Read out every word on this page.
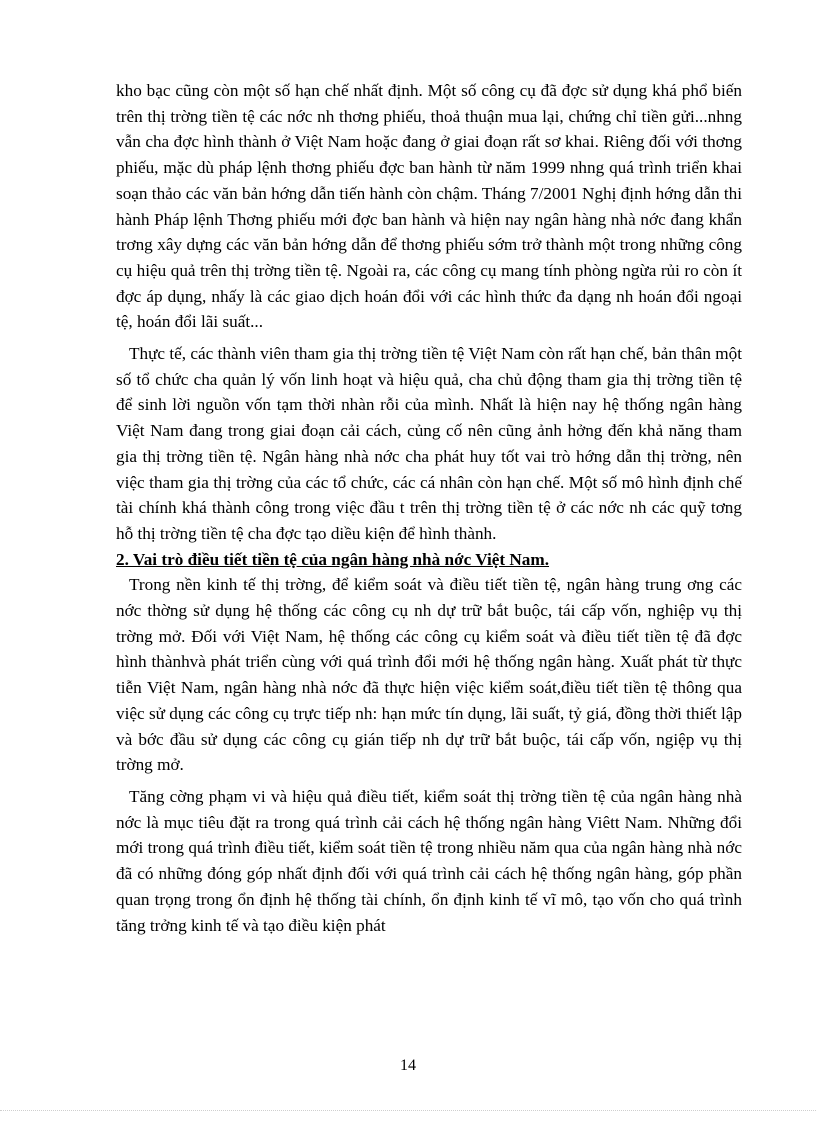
kho bạc cũng còn một số hạn chế nhất định. Một số công cụ đã đợc sử dụng khá phổ biến trên thị trờng tiền tệ các nớc nh thơng phiếu, thoả thuận mua lại, chứng chỉ tiền gửi...nhng vẫn cha đợc hình thành ở Việt Nam hoặc đang ở giai đoạn rất sơ khai. Riêng đối với thơng phiếu, mặc dù pháp lệnh thơng phiếu đợc ban hành từ năm 1999 nhng quá trình triển khai soạn thảo các văn bản hớng dẫn tiến hành còn chậm. Tháng 7/2001 Nghị định hớng dẫn thi hành Pháp lệnh Thơng phiếu mới đợc ban hành và hiện nay ngân hàng nhà nớc đang khẩn trơng xây dựng các văn bản hớng dẫn để thơng phiếu sớm trở thành một trong những công cụ hiệu quả trên thị trờng tiền tệ. Ngoài ra, các công cụ mang tính phòng ngừa rủi ro còn ít đợc áp dụng, nhấy là các giao dịch hoán đổi với các hình thức đa dạng nh hoán đổi ngoại tệ, hoán đổi lãi suất...

Thực tế, các thành viên tham gia thị trờng tiền tệ Việt Nam còn rất hạn chế, bản thân một số tổ chức cha quản lý vốn linh hoạt và hiệu quả, cha chủ động tham gia thị trờng tiền tệ để sinh lời nguồn vốn tạm thời nhàn rỗi của mình. Nhất là hiện nay hệ thống ngân hàng Việt Nam đang trong giai đoạn cải cách, củng cố nên cũng ảnh hởng đến khả năng tham gia thị trờng tiền tệ. Ngân hàng nhà nớc cha phát huy tốt vai trò hớng dẫn thị trờng, nên việc tham gia thị trờng của các tổ chức, các cá nhân còn hạn chế. Một số mô hình định chế tài chính khá thành công trong việc đầu t trên thị trờng tiền tệ ở các nớc nh các quỹ tơng hỗ thị trờng tiền tệ cha đợc tạo diều kiện để hình thành.

2. Vai trò điều tiết tiền tệ của ngân hàng nhà nớc Việt Nam.

Trong nền kinh tế thị trờng, để kiểm soát và điều tiết tiền tệ, ngân hàng trung ơng các nớc thờng sử dụng hệ thống các công cụ nh dự trữ bắt buộc, tái cấp vốn, nghiệp vụ thị trờng mở. Đối với Việt Nam, hệ thống các công cụ kiểm soát và điều tiết tiền tệ đã đợc hình thànhvà phát triển cùng với quá trình đổi mới hệ thống ngân hàng. Xuất phát từ thực tiễn Việt Nam, ngân hàng nhà nớc đã thực hiện việc kiểm soát,điều tiết tiền tệ thông qua việc sử dụng các công cụ trực tiếp nh: hạn mức tín dụng, lãi suất, tỷ giá, đồng thời thiết lập và bớc đầu sử dụng các công cụ gián tiếp nh dự trữ bắt buộc, tái cấp vốn, ngiệp vụ thị trờng mở.

Tăng cờng phạm vi và hiệu quả điều tiết, kiểm soát thị trờng tiền tệ của ngân hàng nhà nớc là mục tiêu đặt ra trong quá trình cải cách hệ thống ngân hàng Viêtt Nam. Những đổi mới trong quá trình điều tiết, kiểm soát tiền tệ trong nhiều năm qua của ngân hàng nhà nớc đã có những đóng góp nhất định đối với quá trình cải cách hệ thống ngân hàng, góp phần quan trọng trong ổn định hệ thống tài chính, ổn định kinh tế vĩ mô, tạo vốn cho quá trình tăng trởng kinh tế và tạo điều kiện phát

14
